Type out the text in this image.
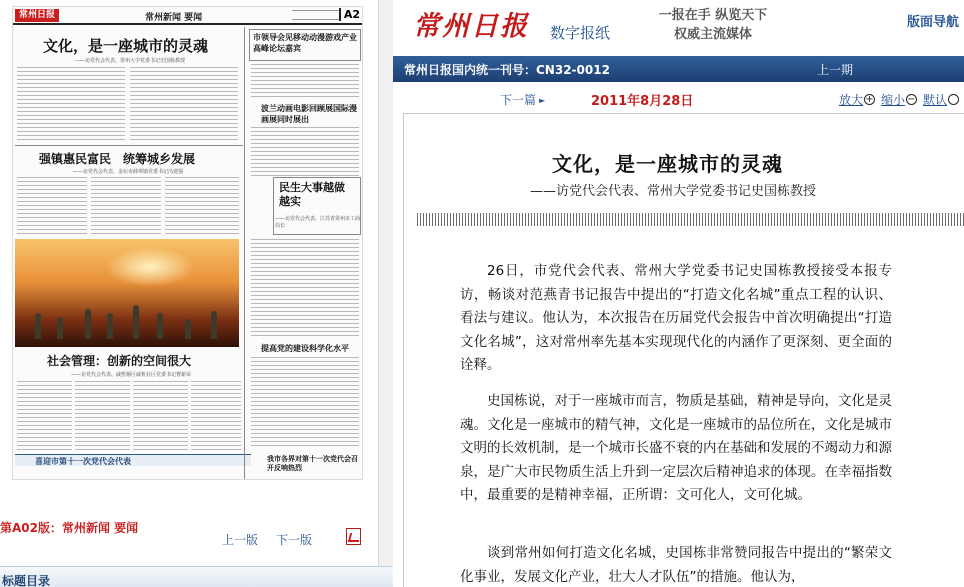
常州日报	常州新闻 要闻	A2
文化，是一座城市的灵魂
——访党代会代表、常州大学党委书记史国栋教授
强镇惠民富民　统筹城乡发展
——访党代会代表、金坛市薛埠镇党委书记冯建强
社会管理：创新的空间很大
——访党代会代表、戚墅堰区戚机社区党委书记曹新荣
喜迎市第十一次党代会代表
市领导会见移动动漫游戏产业高峰论坛嘉宾
波兰动画电影回顾展国际漫画展同时展出
民生大事越做越实
——访党代会代表、江苏省常州市工商局长
提高党的建设科学化水平
我市各界对第十一次党代会召开反响热烈
第A02版：常州新闻 要闻
上一版 下一版
标题目录
常州日报 数字报纸
一报在手 纵览天下
权威主流媒体
版面导航
常州日报国内统一刊号：CN32-0012	上一期
下一篇 ►	2011年8月28日	放大 + 缩小 − 默认
文化，是一座城市的灵魂
——访党代会代表、常州大学党委书记史国栋教授

26日，市党代会代表、常州大学党委书记史国栋教授接受本报专访，畅谈对范燕青书记报告中提出的“打造文化名城”重点工程的认识、看法与建议。他认为，本次报告在历届党代会报告中首次明确提出“打造文化名城”，这对常州率先基本实现现代化的内涵作了更深刻、更全面的诠释。

史国栋说，对于一座城市而言，物质是基础，精神是导向，文化是灵魂。文化是一座城市的精气神，文化是一座城市的品位所在，文化是城市文明的长效机制，是一个城市长盛不衰的内在基础和发展的不竭动力和源泉，是广大市民物质生活上升到一定层次后精神追求的体现。在幸福指数中，最重要的是精神幸福，正所谓：文可化人，文可化城。

谈到常州如何打造文化名城，史国栋非常赞同报告中提出的“繁荣文化事业，发展文化产业，壮大人才队伍”的措施。他认为，
